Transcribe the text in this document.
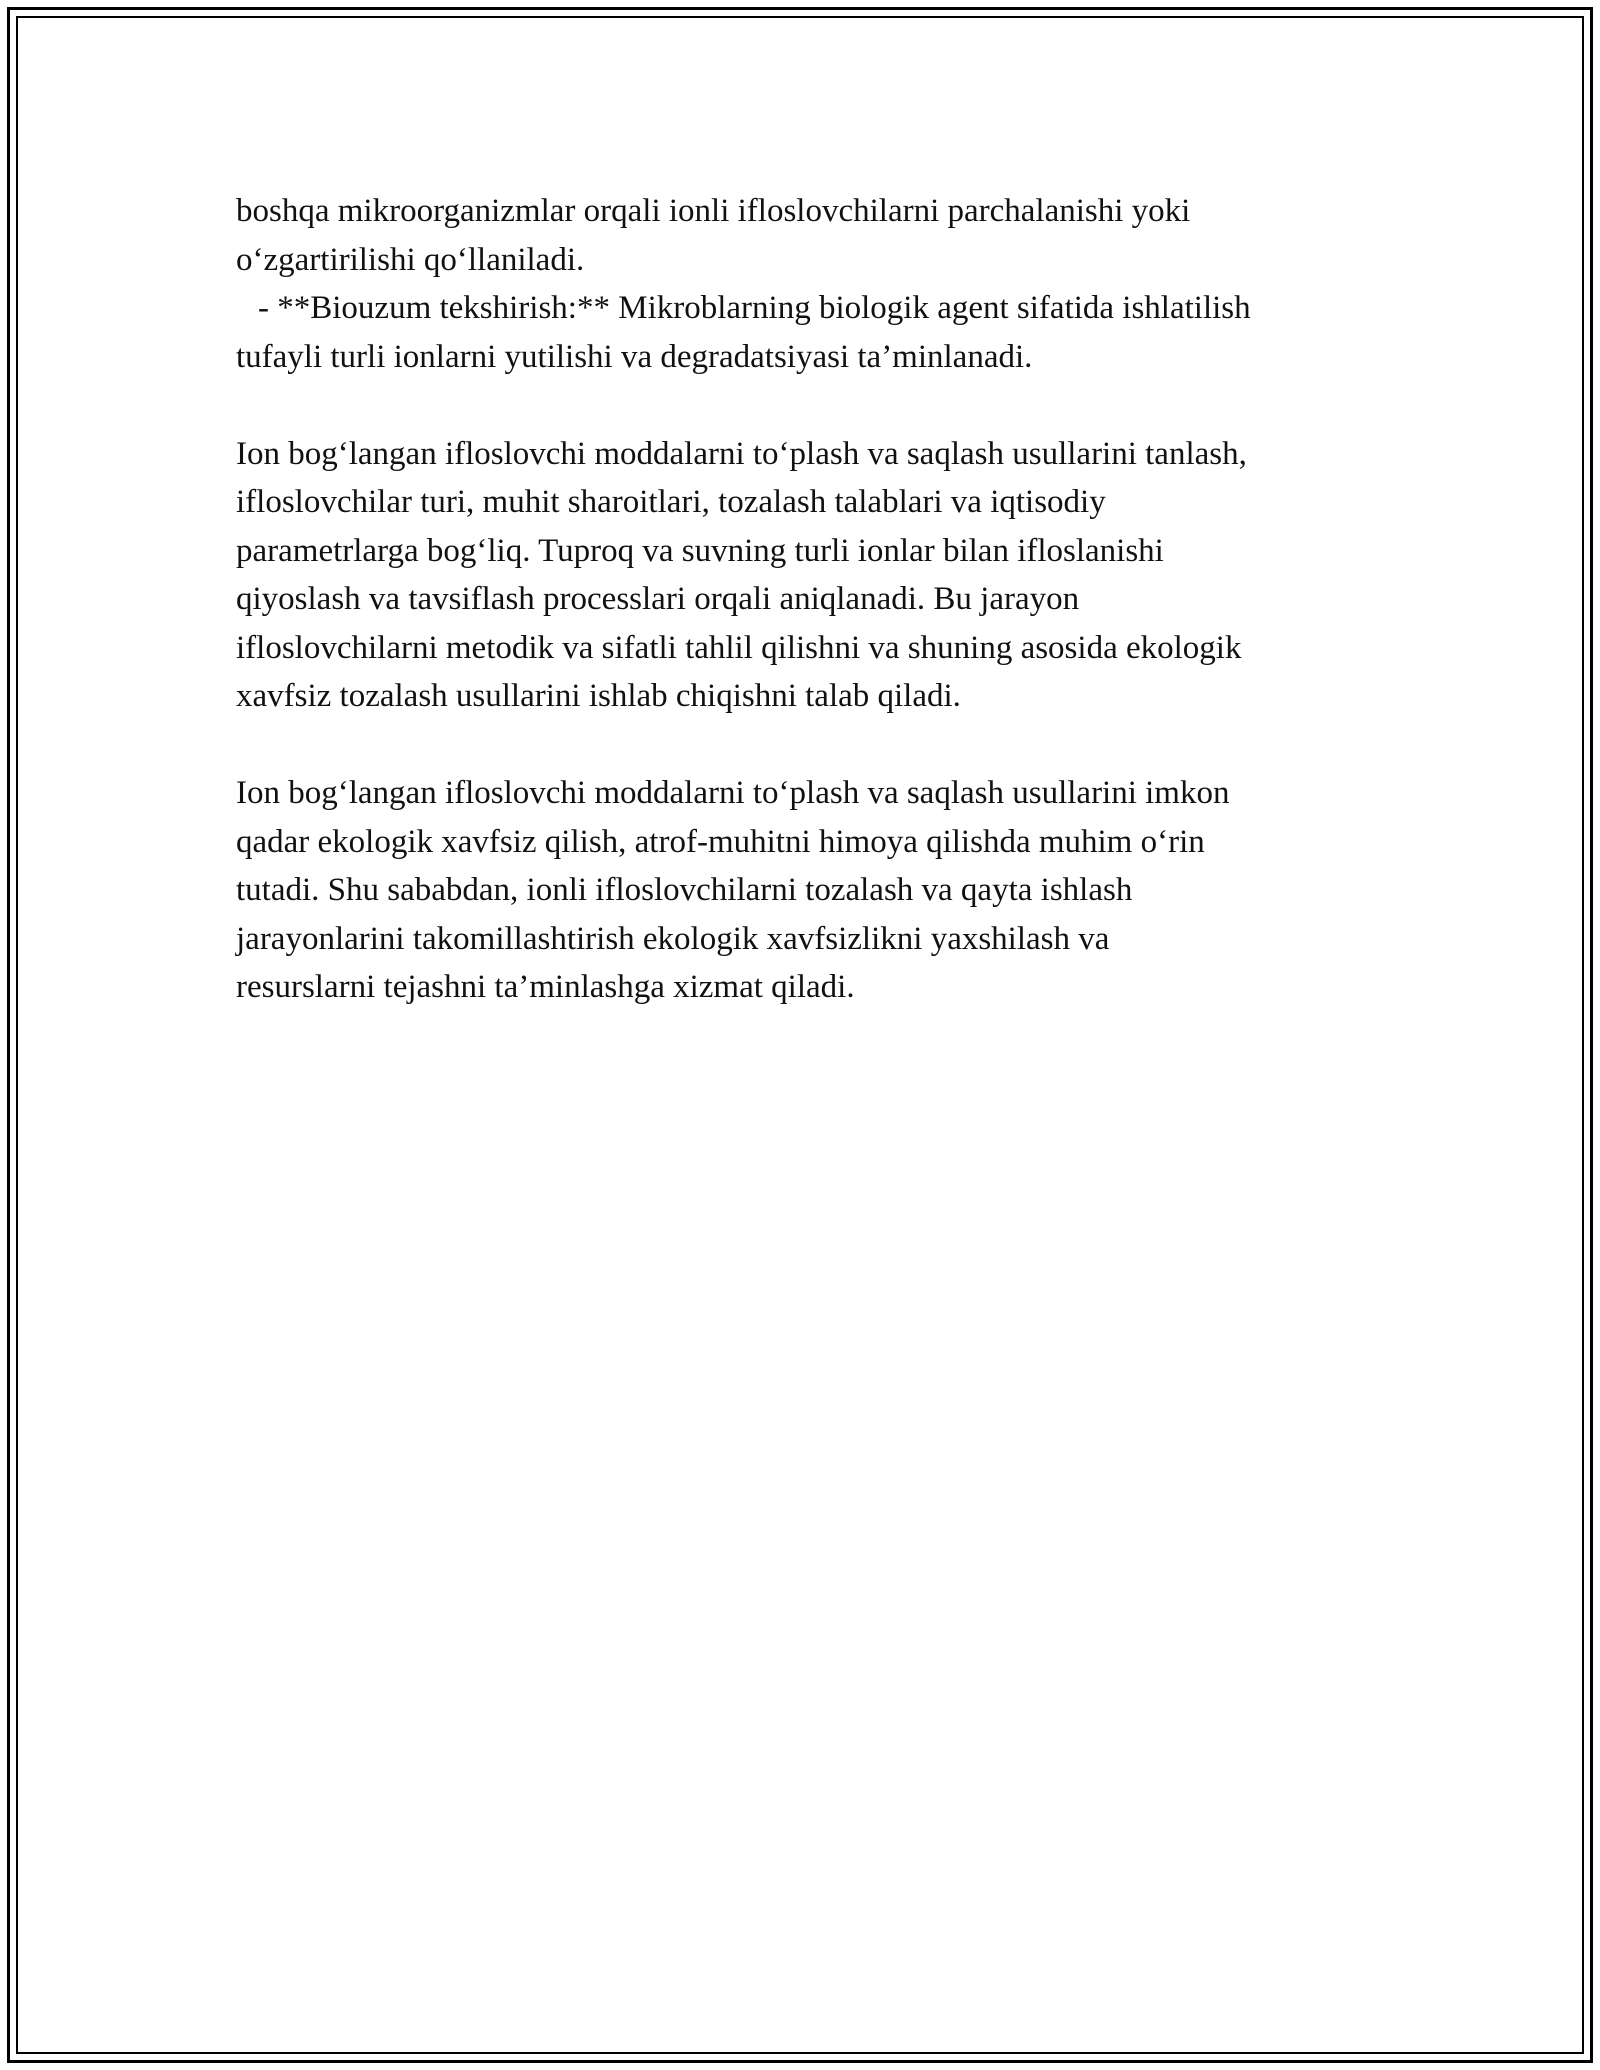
boshqa mikroorganizmlar orqali ionli ifloslovchilarni parchalanishi yoki
o‘zgartirilishi qo‘llaniladi.

- **Biouzum tekshirish:** Mikroblarning biologik agent sifatida ishlatilish
tufayli turli ionlarni yutilishi va degradatsiyasi ta’minlanadi.

Ion bog‘langan ifloslovchi moddalarni to‘plash va saqlash usullarini tanlash,
ifloslovchilar turi, muhit sharoitlari, tozalash talablari va iqtisodiy
parametrlarga bog‘liq. Tuproq va suvning turli ionlar bilan ifloslanishi
qiyoslash va tavsiflash processlari orqali aniqlanadi. Bu jarayon
ifloslovchilarni metodik va sifatli tahlil qilishni va shuning asosida ekologik
xavfsiz tozalash usullarini ishlab chiqishni talab qiladi.

Ion bog‘langan ifloslovchi moddalarni to‘plash va saqlash usullarini imkon
qadar ekologik xavfsiz qilish, atrof-muhitni himoya qilishda muhim o‘rin
tutadi. Shu sababdan, ionli ifloslovchilarni tozalash va qayta ishlash
jarayonlarini takomillashtirish ekologik xavfsizlikni yaxshilash va
resurslarni tejashni ta’minlashga xizmat qiladi.
